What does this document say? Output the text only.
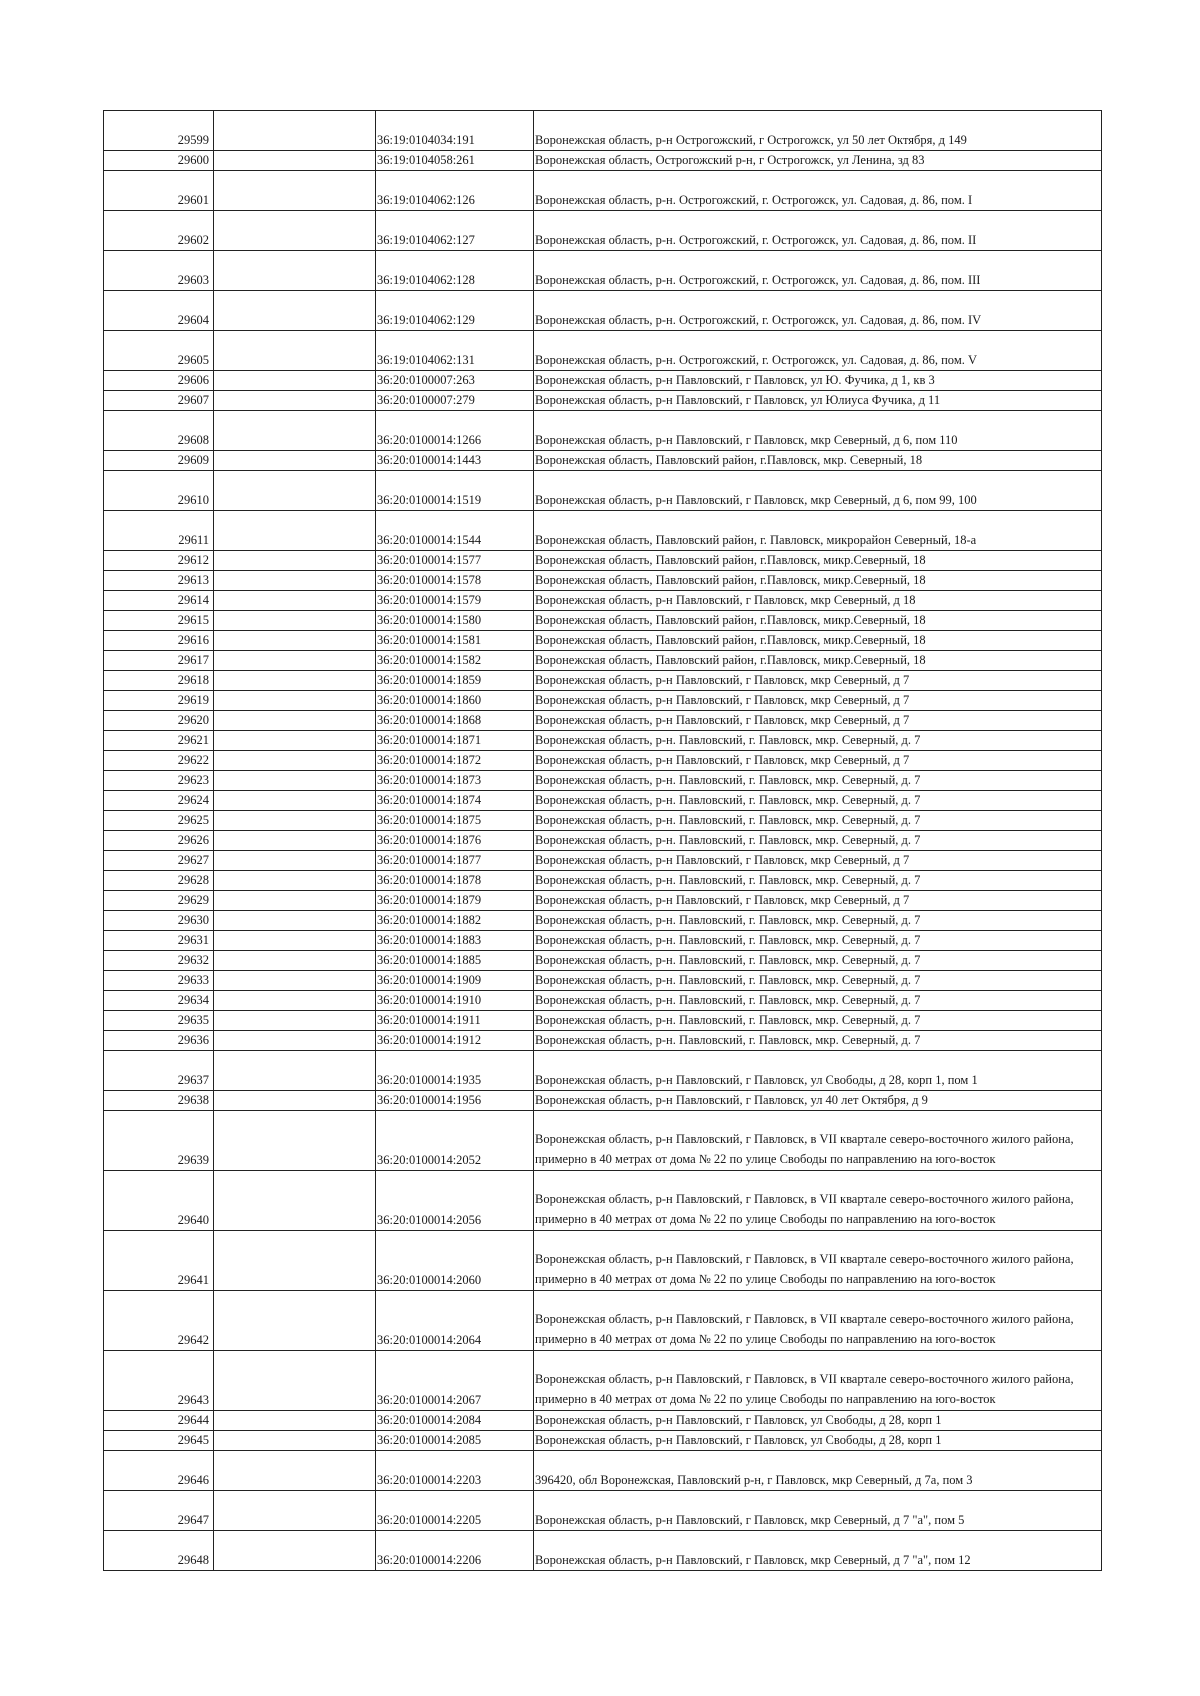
29599		36:19:0104034:191	Воронежская область, р-н Острогожский, г Острогожск, ул 50 лет Октября, д 149
29600		36:19:0104058:261	Воронежская область, Острогожский р-н, г Острогожск, ул Ленина, зд 83
29601		36:19:0104062:126	Воронежская область, р-н. Острогожский, г. Острогожск, ул. Садовая, д. 86, пом. I
29602		36:19:0104062:127	Воронежская область, р-н. Острогожский, г. Острогожск, ул. Садовая, д. 86, пом. II
29603		36:19:0104062:128	Воронежская область, р-н. Острогожский, г. Острогожск, ул. Садовая, д. 86, пом. III
29604		36:19:0104062:129	Воронежская область, р-н. Острогожский, г. Острогожск, ул. Садовая, д. 86, пом. IV
29605		36:19:0104062:131	Воронежская область, р-н. Острогожский, г. Острогожск, ул. Садовая, д. 86, пом. V
29606		36:20:0100007:263	Воронежская область, р-н Павловский, г Павловск, ул Ю. Фучика, д 1, кв 3
29607		36:20:0100007:279	Воронежская область, р-н Павловский, г Павловск, ул Юлиуса Фучика, д 11
29608		36:20:0100014:1266	Воронежская область, р-н Павловский, г Павловск, мкр Северный, д 6, пом 110
29609		36:20:0100014:1443	Воронежская область, Павловский район, г.Павловск, мкр. Северный, 18
29610		36:20:0100014:1519	Воронежская область, р-н Павловский, г Павловск, мкр Северный, д 6, пом 99, 100
29611		36:20:0100014:1544	Воронежская область, Павловский район, г. Павловск, микрорайон Северный, 18-а
29612		36:20:0100014:1577	Воронежская область, Павловский район, г.Павловск, микр.Северный, 18
29613		36:20:0100014:1578	Воронежская область, Павловский район, г.Павловск, микр.Северный, 18
29614		36:20:0100014:1579	Воронежская область, р-н Павловский, г Павловск, мкр Северный, д 18
29615		36:20:0100014:1580	Воронежская область, Павловский район, г.Павловск, микр.Северный, 18
29616		36:20:0100014:1581	Воронежская область, Павловский район, г.Павловск, микр.Северный, 18
29617		36:20:0100014:1582	Воронежская область, Павловский район, г.Павловск, микр.Северный, 18
29618		36:20:0100014:1859	Воронежская область, р-н Павловский, г Павловск, мкр Северный, д 7
29619		36:20:0100014:1860	Воронежская область, р-н Павловский, г Павловск, мкр Северный, д 7
29620		36:20:0100014:1868	Воронежская область, р-н Павловский, г Павловск, мкр Северный, д 7
29621		36:20:0100014:1871	Воронежская область, р-н. Павловский, г. Павловск, мкр. Северный, д. 7
29622		36:20:0100014:1872	Воронежская область, р-н Павловский, г Павловск, мкр Северный, д 7
29623		36:20:0100014:1873	Воронежская область, р-н. Павловский, г. Павловск, мкр. Северный, д. 7
29624		36:20:0100014:1874	Воронежская область, р-н. Павловский, г. Павловск, мкр. Северный, д. 7
29625		36:20:0100014:1875	Воронежская область, р-н. Павловский, г. Павловск, мкр. Северный, д. 7
29626		36:20:0100014:1876	Воронежская область, р-н. Павловский, г. Павловск, мкр. Северный, д. 7
29627		36:20:0100014:1877	Воронежская область, р-н Павловский, г Павловск, мкр Северный, д 7
29628		36:20:0100014:1878	Воронежская область, р-н. Павловский, г. Павловск, мкр. Северный, д. 7
29629		36:20:0100014:1879	Воронежская область, р-н Павловский, г Павловск, мкр Северный, д 7
29630		36:20:0100014:1882	Воронежская область, р-н. Павловский, г. Павловск, мкр. Северный, д. 7
29631		36:20:0100014:1883	Воронежская область, р-н. Павловский, г. Павловск, мкр. Северный, д. 7
29632		36:20:0100014:1885	Воронежская область, р-н. Павловский, г. Павловск, мкр. Северный, д. 7
29633		36:20:0100014:1909	Воронежская область, р-н. Павловский, г. Павловск, мкр. Северный, д. 7
29634		36:20:0100014:1910	Воронежская область, р-н. Павловский, г. Павловск, мкр. Северный, д. 7
29635		36:20:0100014:1911	Воронежская область, р-н. Павловский, г. Павловск, мкр. Северный, д. 7
29636		36:20:0100014:1912	Воронежская область, р-н. Павловский, г. Павловск, мкр. Северный, д. 7
29637		36:20:0100014:1935	Воронежская область, р-н Павловский, г Павловск, ул Свободы, д 28, корп 1, пом 1
29638		36:20:0100014:1956	Воронежская область, р-н Павловский, г Павловск, ул 40 лет Октября, д 9
29639		36:20:0100014:2052	Воронежская область, р-н Павловский, г Павловск, в VII квартале северо-восточного жилого района, примерно в 40 метрах от дома № 22 по улице Свободы по направлению на юго-восток
29640		36:20:0100014:2056	Воронежская область, р-н Павловский, г Павловск, в VII квартале северо-восточного жилого района, примерно в 40 метрах от дома № 22 по улице Свободы по направлению на юго-восток
29641		36:20:0100014:2060	Воронежская область, р-н Павловский, г Павловск, в VII квартале северо-восточного жилого района, примерно в 40 метрах от дома № 22 по улице Свободы по направлению на юго-восток
29642		36:20:0100014:2064	Воронежская область, р-н Павловский, г Павловск, в VII квартале северо-восточного жилого района, примерно в 40 метрах от дома № 22 по улице Свободы по направлению на юго-восток
29643		36:20:0100014:2067	Воронежская область, р-н Павловский, г Павловск, в VII квартале северо-восточного жилого района, примерно в 40 метрах от дома № 22 по улице Свободы по направлению на юго-восток
29644		36:20:0100014:2084	Воронежская область, р-н Павловский, г Павловск, ул Свободы, д 28, корп 1
29645		36:20:0100014:2085	Воронежская область, р-н Павловский, г Павловск, ул Свободы, д 28, корп 1
29646		36:20:0100014:2203	396420, обл Воронежская, Павловский р-н, г Павловск, мкр Северный, д 7а, пом 3
29647		36:20:0100014:2205	Воронежская область, р-н Павловский, г Павловск, мкр Северный, д 7 "а", пом 5
29648		36:20:0100014:2206	Воронежская область, р-н Павловский, г Павловск, мкр Северный, д 7 "а", пом 12
